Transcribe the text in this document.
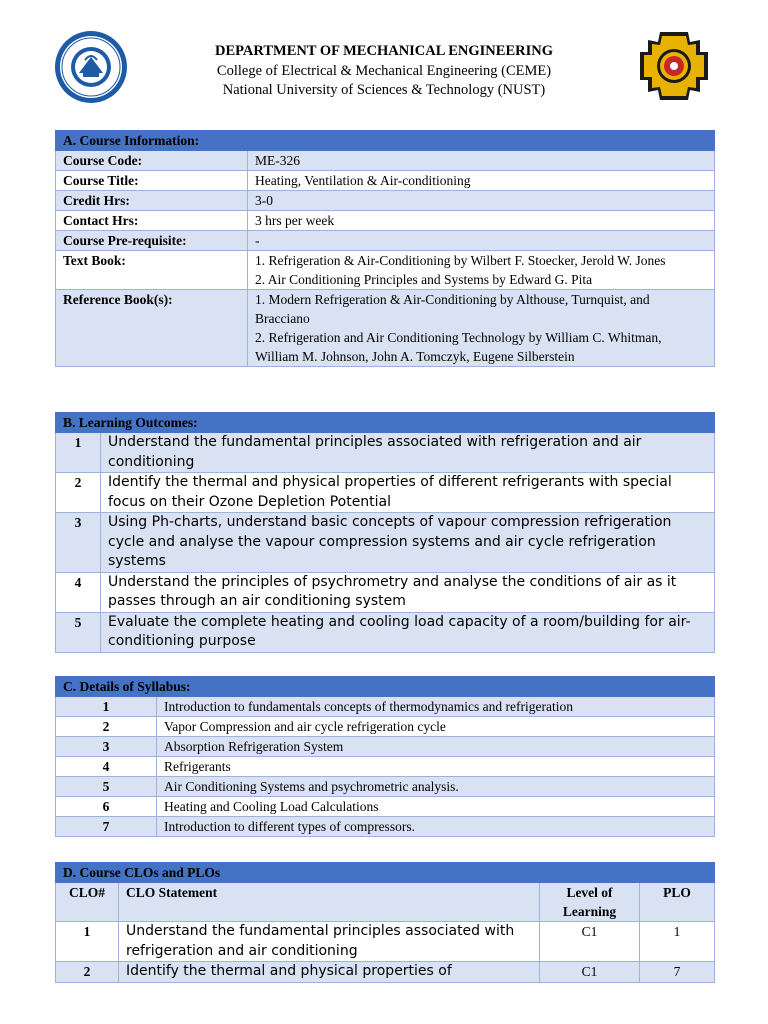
DEPARTMENT OF MECHANICAL ENGINEERING
College of Electrical & Mechanical Engineering (CEME)
National University of Sciences & Technology (NUST)
A. Course Information:	
Course Code:	ME-326
Course Title:	Heating, Ventilation & Air-conditioning
Credit Hrs:	3-0
Contact Hrs:	3 hrs per week
Course Pre-requisite:	-
Text Book:	1. Refrigeration & Air-Conditioning by Wilbert F. Stoecker, Jerold W. Jones
2. Air Conditioning Principles and Systems by Edward G. Pita

Reference Book(s):	1. Modern Refrigeration & Air-Conditioning by Althouse, Turnquist, and Bracciano
2. Refrigeration and Air Conditioning Technology by William C. Whitman, William M. Johnson, John A. Tomczyk, Eugene Silberstein
B. Learning Outcomes:	
1	Understand the fundamental principles associated with refrigeration and air conditioning
2	Identify the thermal and physical properties of different refrigerants with special focus on their Ozone Depletion Potential
3	Using Ph-charts, understand basic concepts of vapour compression refrigeration cycle and analyse the vapour compression systems and air cycle refrigeration systems
4	Understand the principles of psychrometry and analyse the conditions of air as it passes through an air conditioning system
5	Evaluate the complete heating and cooling load capacity of a room/building for air-conditioning purpose
C. Details of Syllabus:	
1	Introduction to fundamentals concepts of thermodynamics and refrigeration
2	Vapor Compression and air cycle refrigeration cycle
3	Absorption Refrigeration System
4	Refrigerants
5	Air Conditioning Systems and psychrometric analysis.
6	Heating and Cooling Load Calculations
7	Introduction to different types of compressors.
D. Course CLOs and PLOs			
CLO#	CLO Statement	Level of Learning	PLO
1	Understand the fundamental principles associated with refrigeration and air conditioning	C1	1
2	Identify the thermal and physical properties of	C1	7
